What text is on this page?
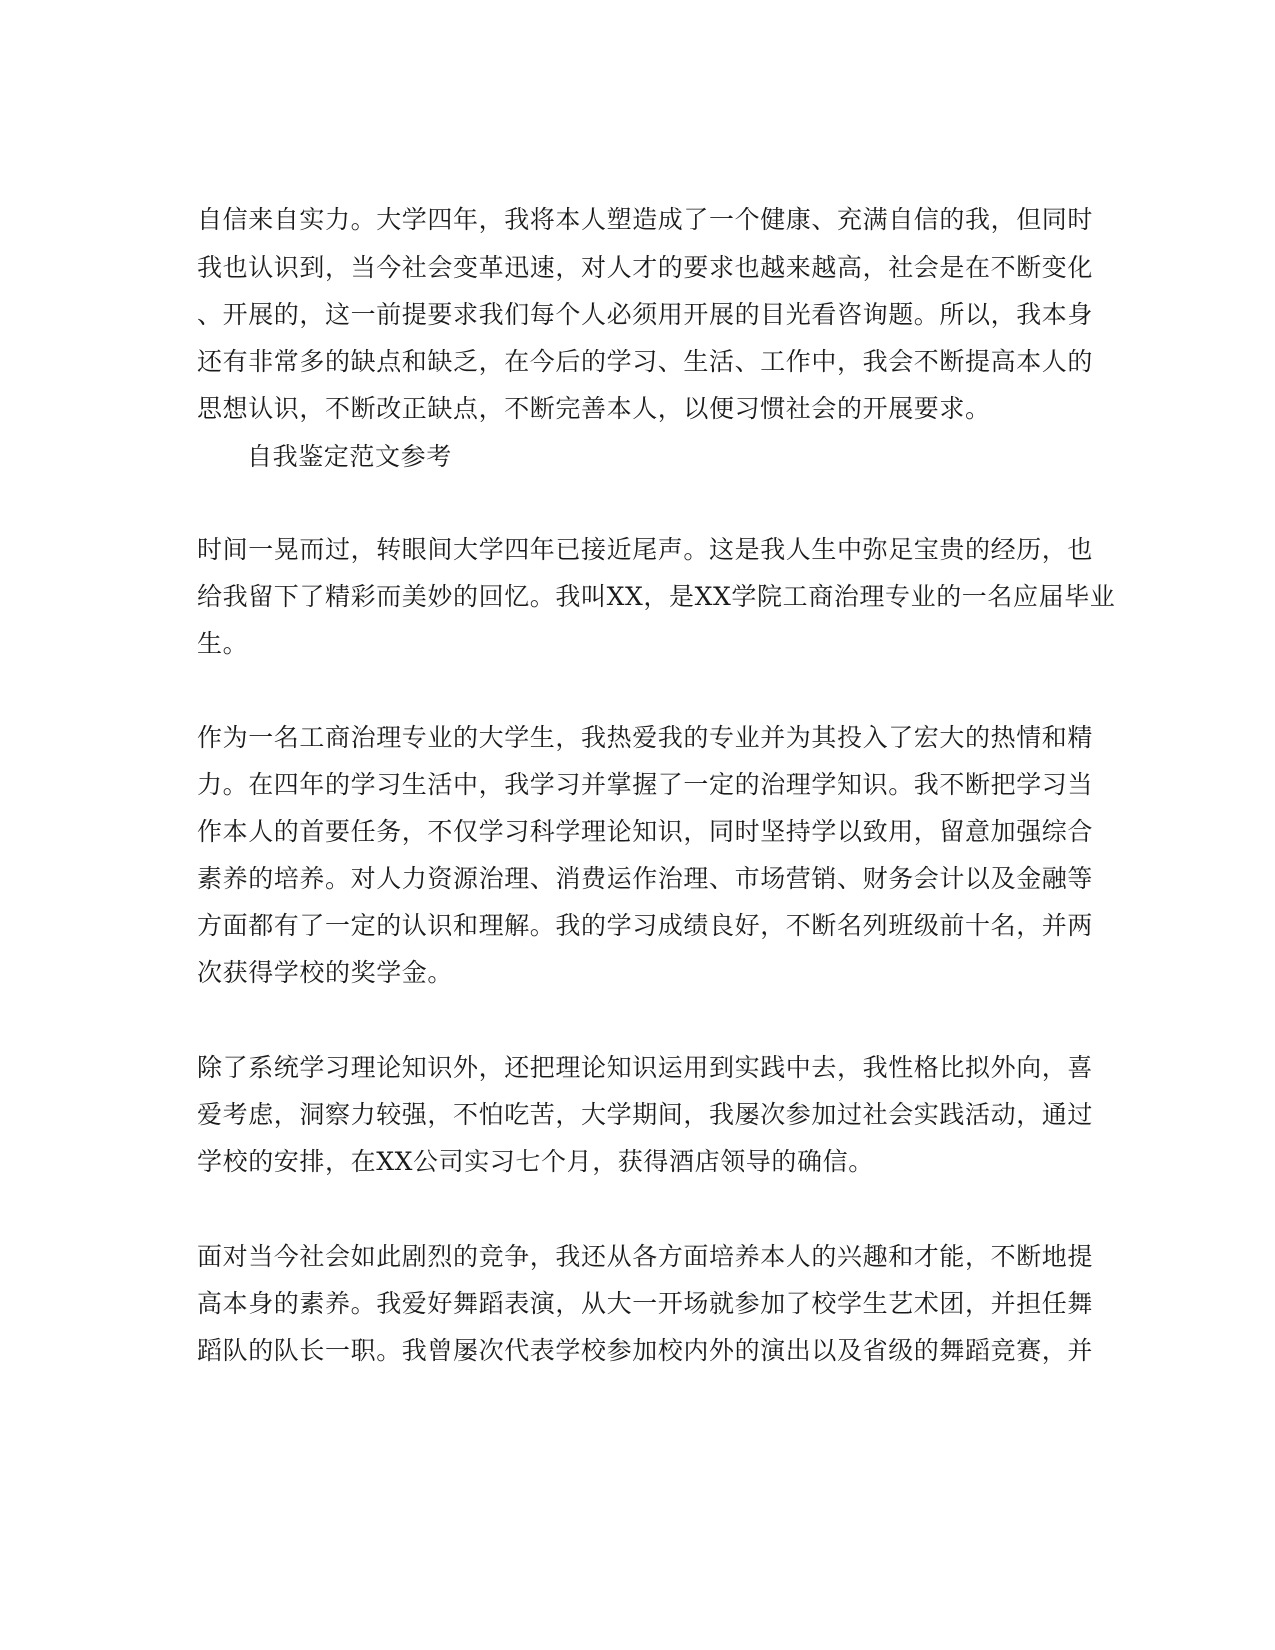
自信来自实力。大学四年，我将本人塑造成了一个健康、充满自信的我，但同时
我也认识到，当今社会变革迅速，对人才的要求也越来越高，社会是在不断变化
、开展的，这一前提要求我们每个人必须用开展的目光看咨询题。所以，我本身
还有非常多的缺点和缺乏，在今后的学习、生活、工作中，我会不断提高本人的
思想认识，不断改正缺点，不断完善本人，以便习惯社会的开展要求。
自我鉴定范文参考
时间一晃而过，转眼间大学四年已接近尾声。这是我人生中弥足宝贵的经历，也
给我留下了精彩而美妙的回忆。我叫XX，是XX学院工商治理专业的一名应届毕业
生。
作为一名工商治理专业的大学生，我热爱我的专业并为其投入了宏大的热情和精
力。在四年的学习生活中，我学习并掌握了一定的治理学知识。我不断把学习当
作本人的首要任务，不仅学习科学理论知识，同时坚持学以致用，留意加强综合
素养的培养。对人力资源治理、消费运作治理、市场营销、财务会计以及金融等
方面都有了一定的认识和理解。我的学习成绩良好，不断名列班级前十名，并两
次获得学校的奖学金。
除了系统学习理论知识外，还把理论知识运用到实践中去，我性格比拟外向，喜
爱考虑，洞察力较强，不怕吃苦，大学期间，我屡次参加过社会实践活动，通过
学校的安排，在XX公司实习七个月，获得酒店领导的确信。
面对当今社会如此剧烈的竞争，我还从各方面培养本人的兴趣和才能，不断地提
高本身的素养。我爱好舞蹈表演，从大一开场就参加了校学生艺术团，并担任舞
蹈队的队长一职。我曾屡次代表学校参加校内外的演出以及省级的舞蹈竞赛，并
